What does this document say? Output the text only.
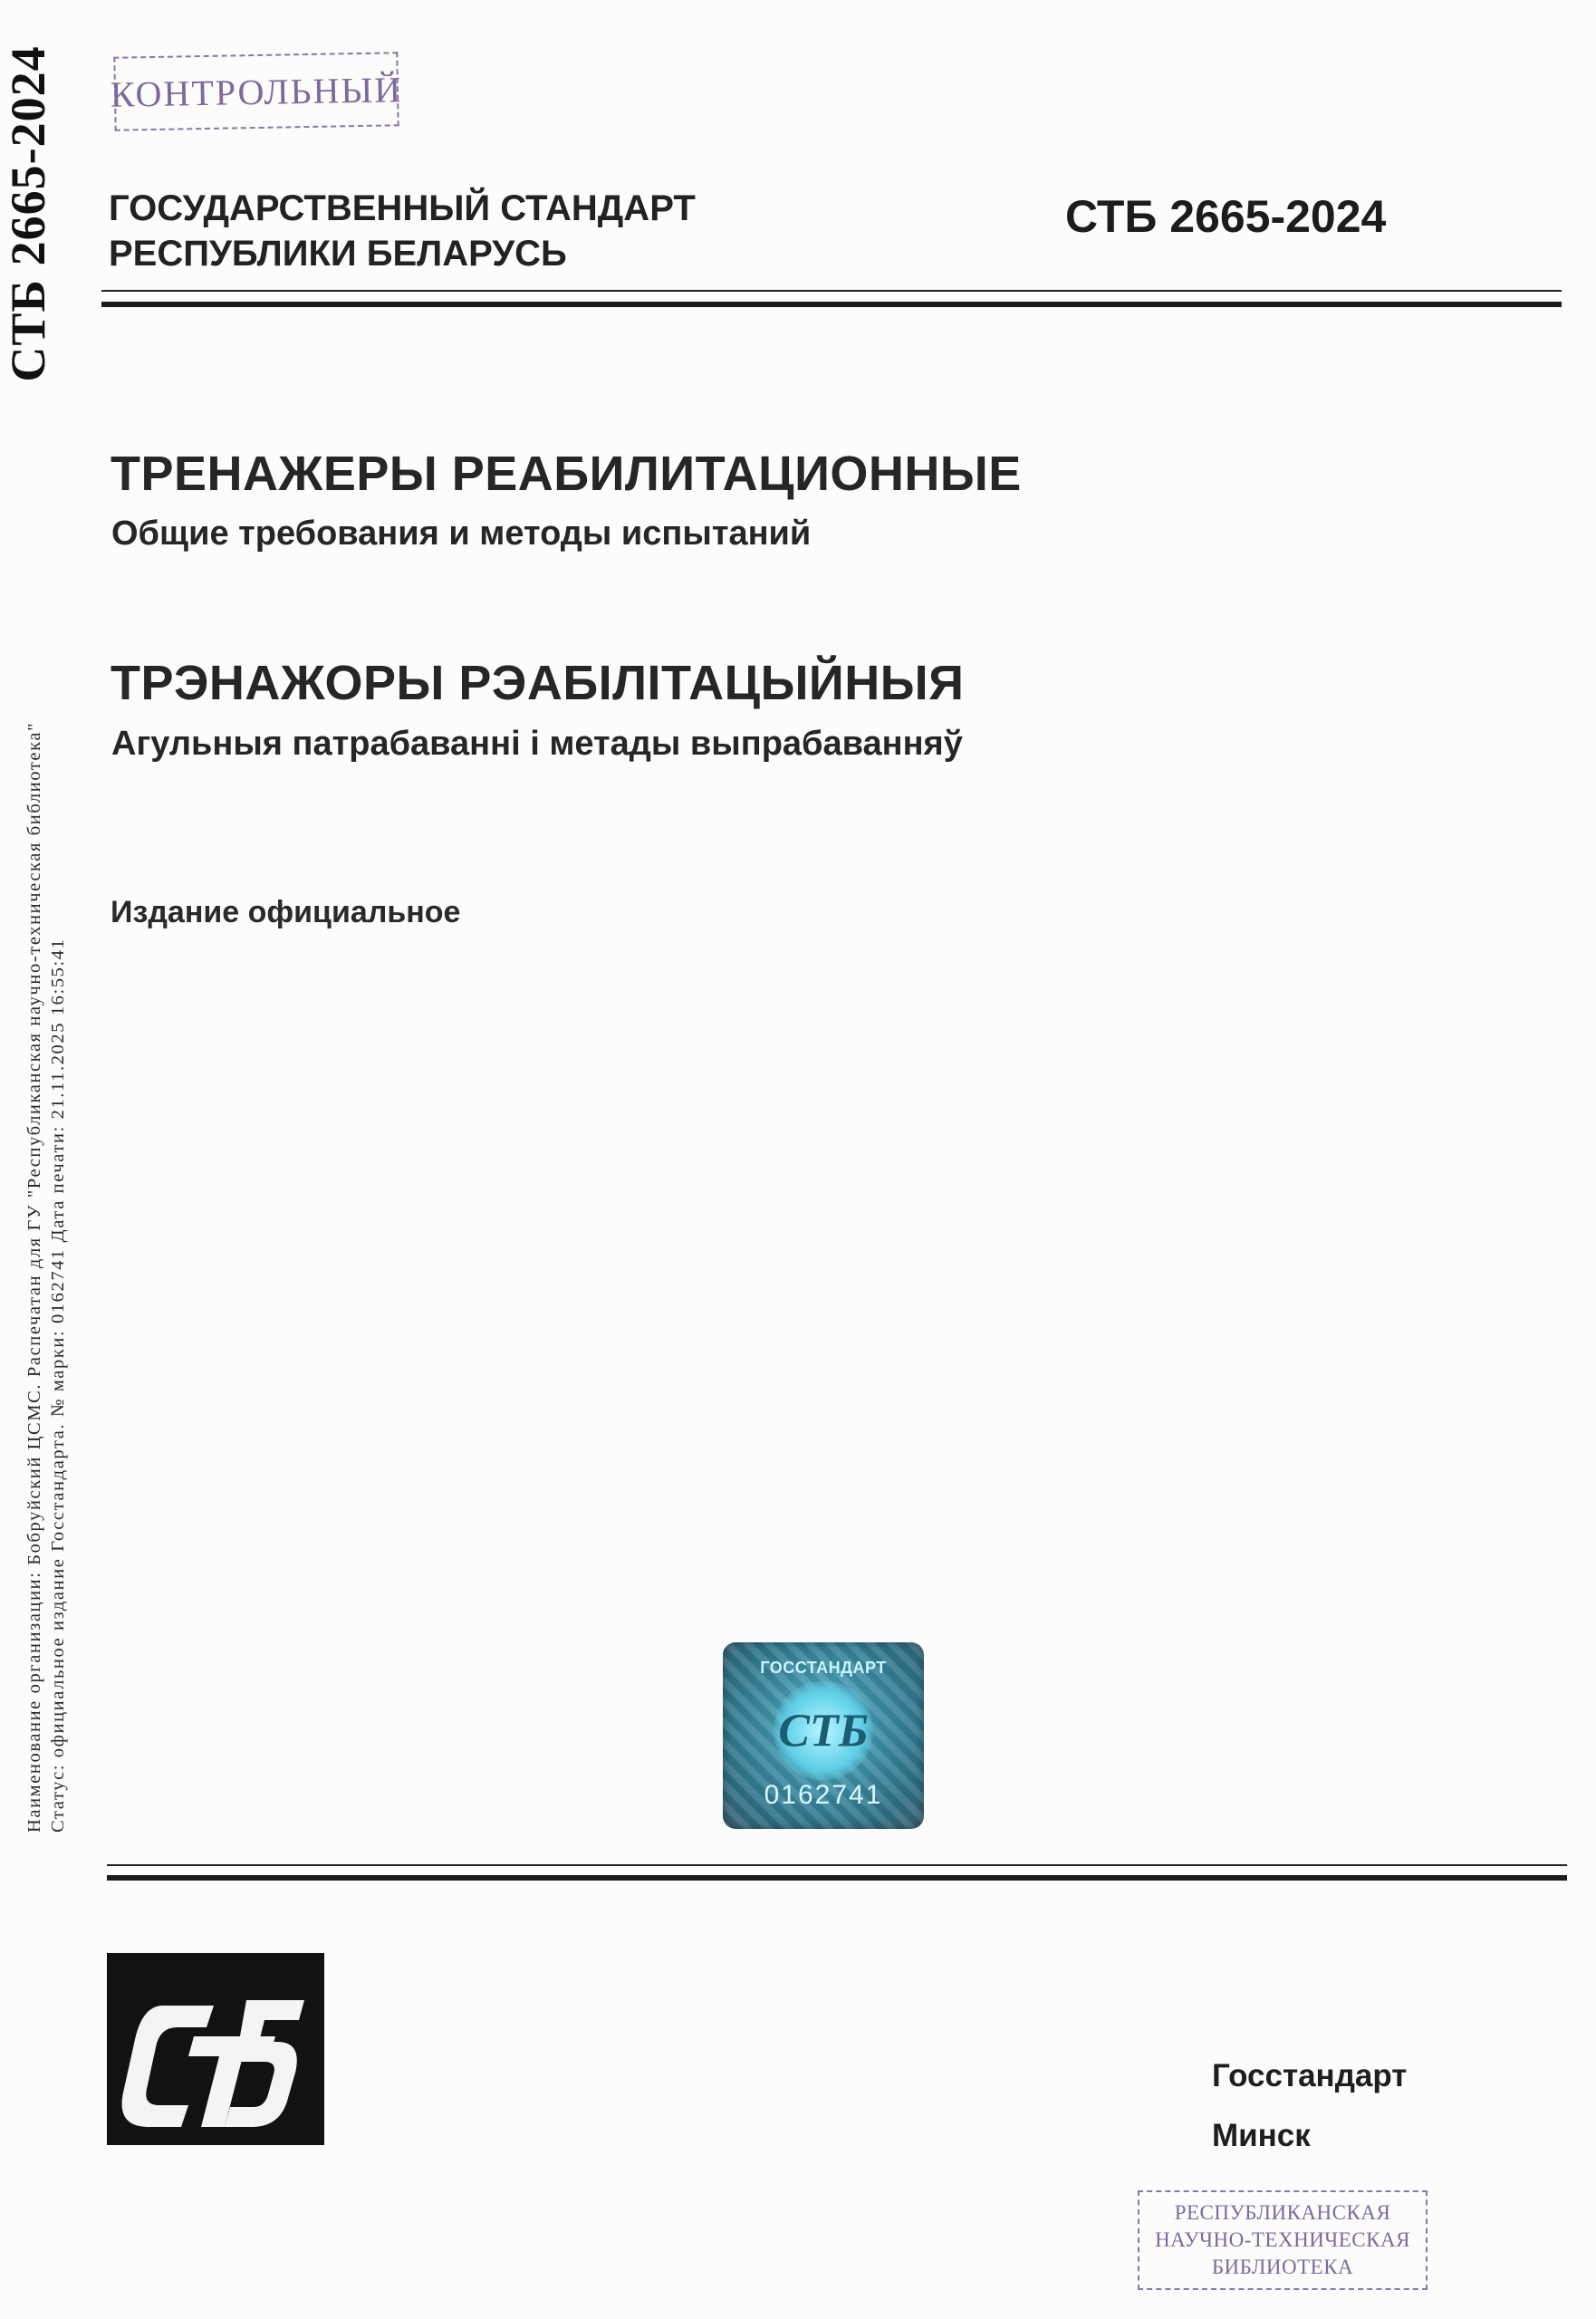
СТБ 2665-2024
Наименование организации: Бобруйский ЦСМС. Распечатан для ГУ "Республиканская научно-техническая библиотека" Статус: официальное издание Госстандарта. № марки: 0162741 Дата печати: 21.11.2025 16:55:41
КОНТРОЛЬНЫЙ
ГОСУДАРСТВЕННЫЙ СТАНДАРТ
РЕСПУБЛИКИ БЕЛАРУСЬ
СТБ 2665-2024
ТРЕНАЖЕРЫ РЕАБИЛИТАЦИОННЫЕ
Общие требования и методы испытаний
ТРЭНАЖОРЫ РЭАБІЛІТАЦЫЙНЫЯ
Агульныя патрабаванні і метады выпрабаванняў
Издание официальное
ГОССТАНДАРТ
СТБ
0162741
Госстандарт
Минск
РЕСПУБЛИКАНСКАЯ
НАУЧНО-ТЕХНИЧЕСКАЯ
БИБЛИОТЕКА
